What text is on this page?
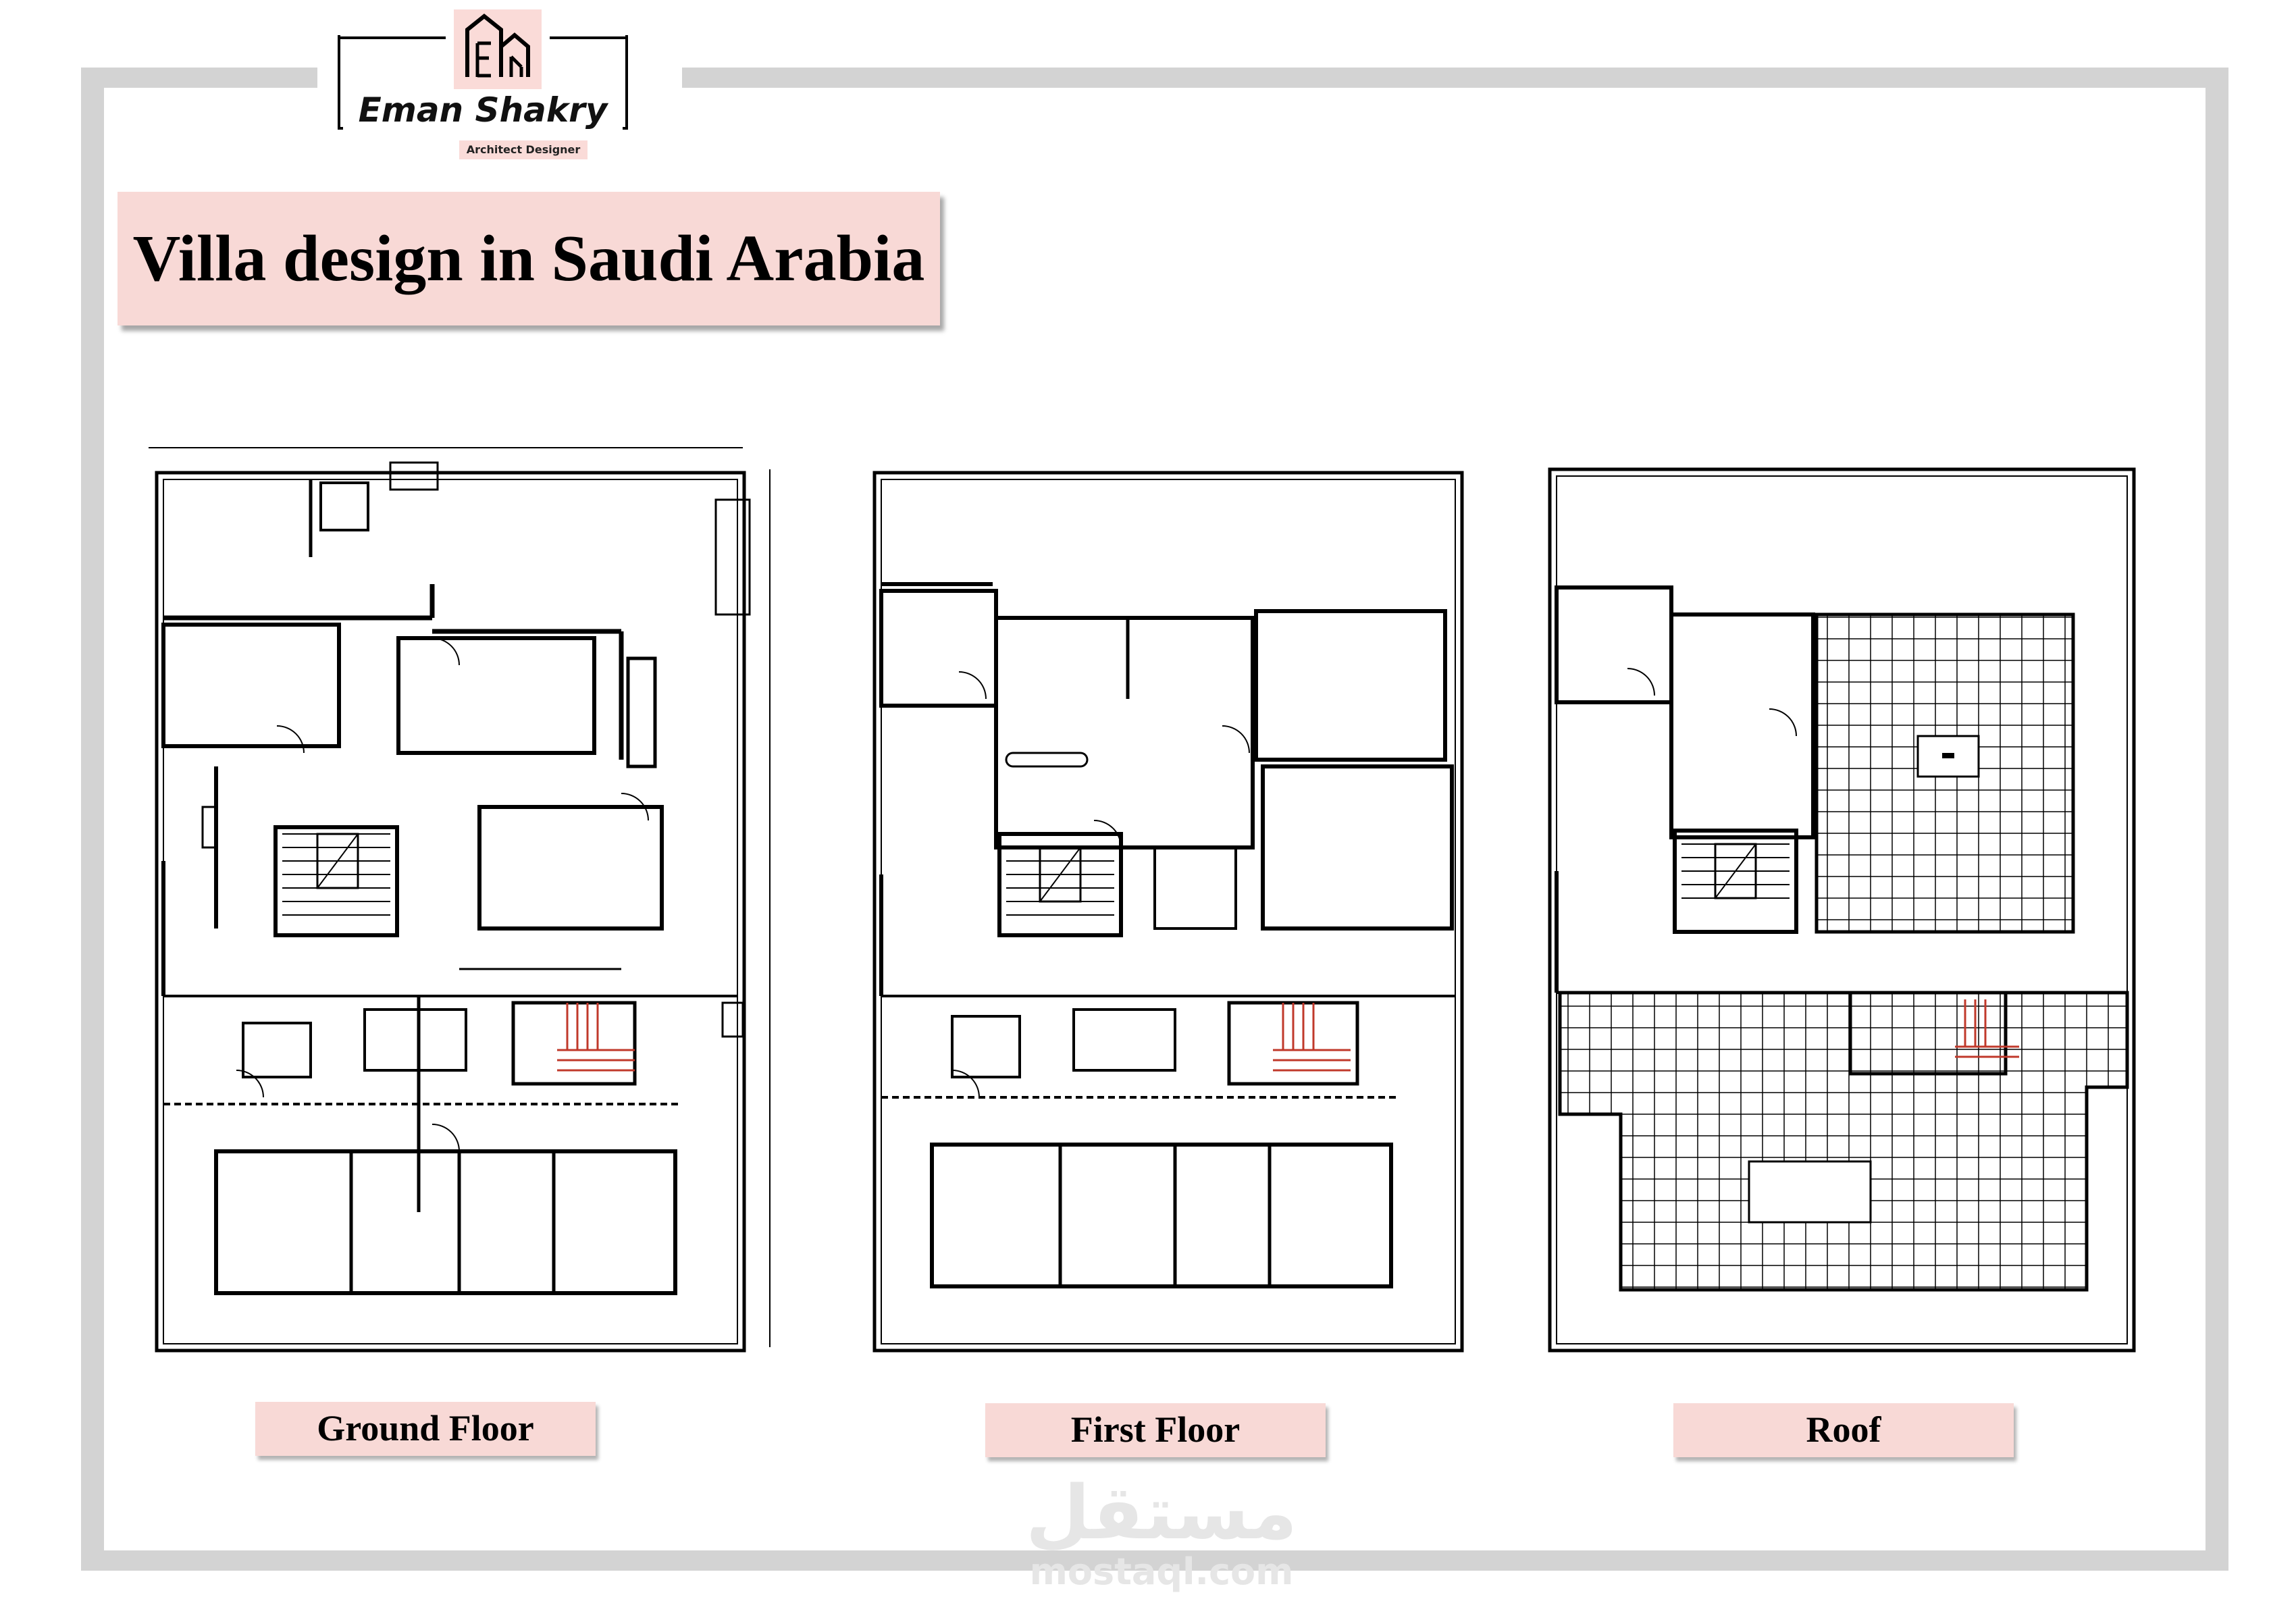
Eman Shakry
Architect Designer
Villa design in Saudi Arabia
Ground Floor	First Floor	Roof
مستقل
mostaql.com
